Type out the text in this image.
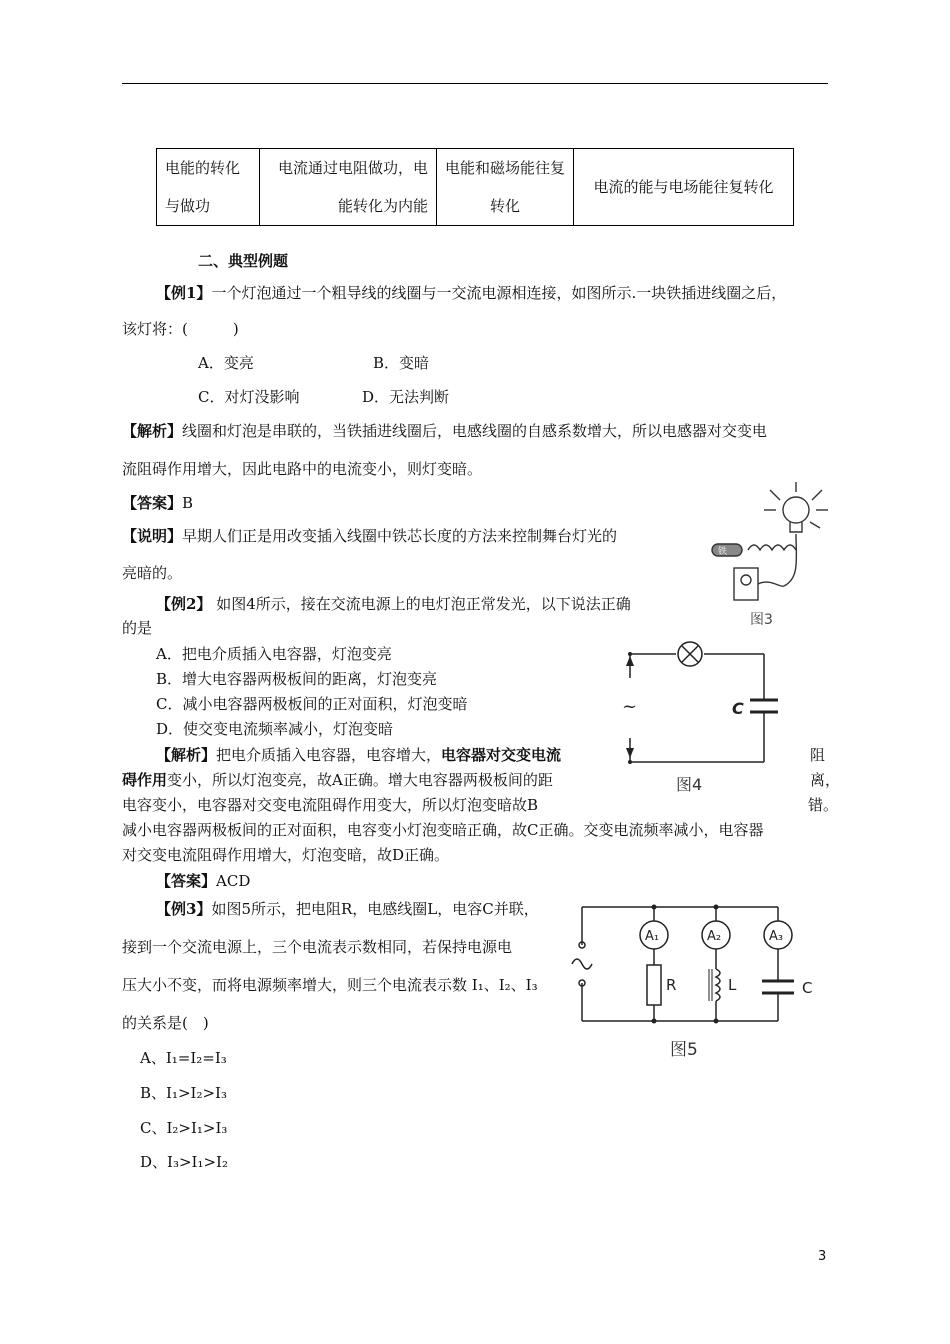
电能的转化与做功	电流通过电阻做功，电能转化为内能	电能和磁场能往复转化	电流的能与电场能往复转化
二、典型例题
【例1】一个灯泡通过一个粗导线的线圈与一交流电源相连接，如图所示.一块铁插进线圈之后，
该灯将：(　　　)
A．变亮	B．变暗
C．对灯没影响	D．无法判断
【解析】线圈和灯泡是串联的，当铁插进线圈后，电感线圈的自感系数增大，所以电感器对交变电
流阻碍作用增大，因此电路中的电流变小，则灯变暗。
【答案】B
【说明】早期人们正是用改变插入线圈中铁芯长度的方法来控制舞台灯光的
亮暗的。
铁
图3
【例2】 如图4所示，接在交流电源上的电灯泡正常发光，以下说法正确
的是
A．把电介质插入电容器，灯泡变亮
B．增大电容器两极板间的距离，灯泡变亮
C．减小电容器两极板间的正对面积，灯泡变暗
D．使交变电流频率减小，灯泡变暗
【解析】把电介质插入电容器，电容增大，电容器对交变电流	阻
碍作用变小，所以灯泡变亮，故A正确。增大电容器两极板间的距	离，
电容变小，电容器对交变电流阻碍作用变大，所以灯泡变暗故B	错。
减小电容器两极板间的正对面积，电容变小灯泡变暗正确，故C正确。交变电流频率减小，电容器
对交变电流阻碍作用增大，灯泡变暗，故D正确。
【答案】ACD
~	C
图4
【例3】如图5所示，把电阻R，电感线圈L，电容C并联，
接到一个交流电源上，三个电流表示数相同，若保持电源电
压大小不变，而将电源频率增大，则三个电流表示数 I₁、I₂、I₃
的关系是(　)
A、I₁=I₂=I₃
B、I₁>I₂>I₃
C、I₂>I₁>I₃
D、I₃>I₁>I₂
A₁	A₂	A₃
R	L	C
图5
3
